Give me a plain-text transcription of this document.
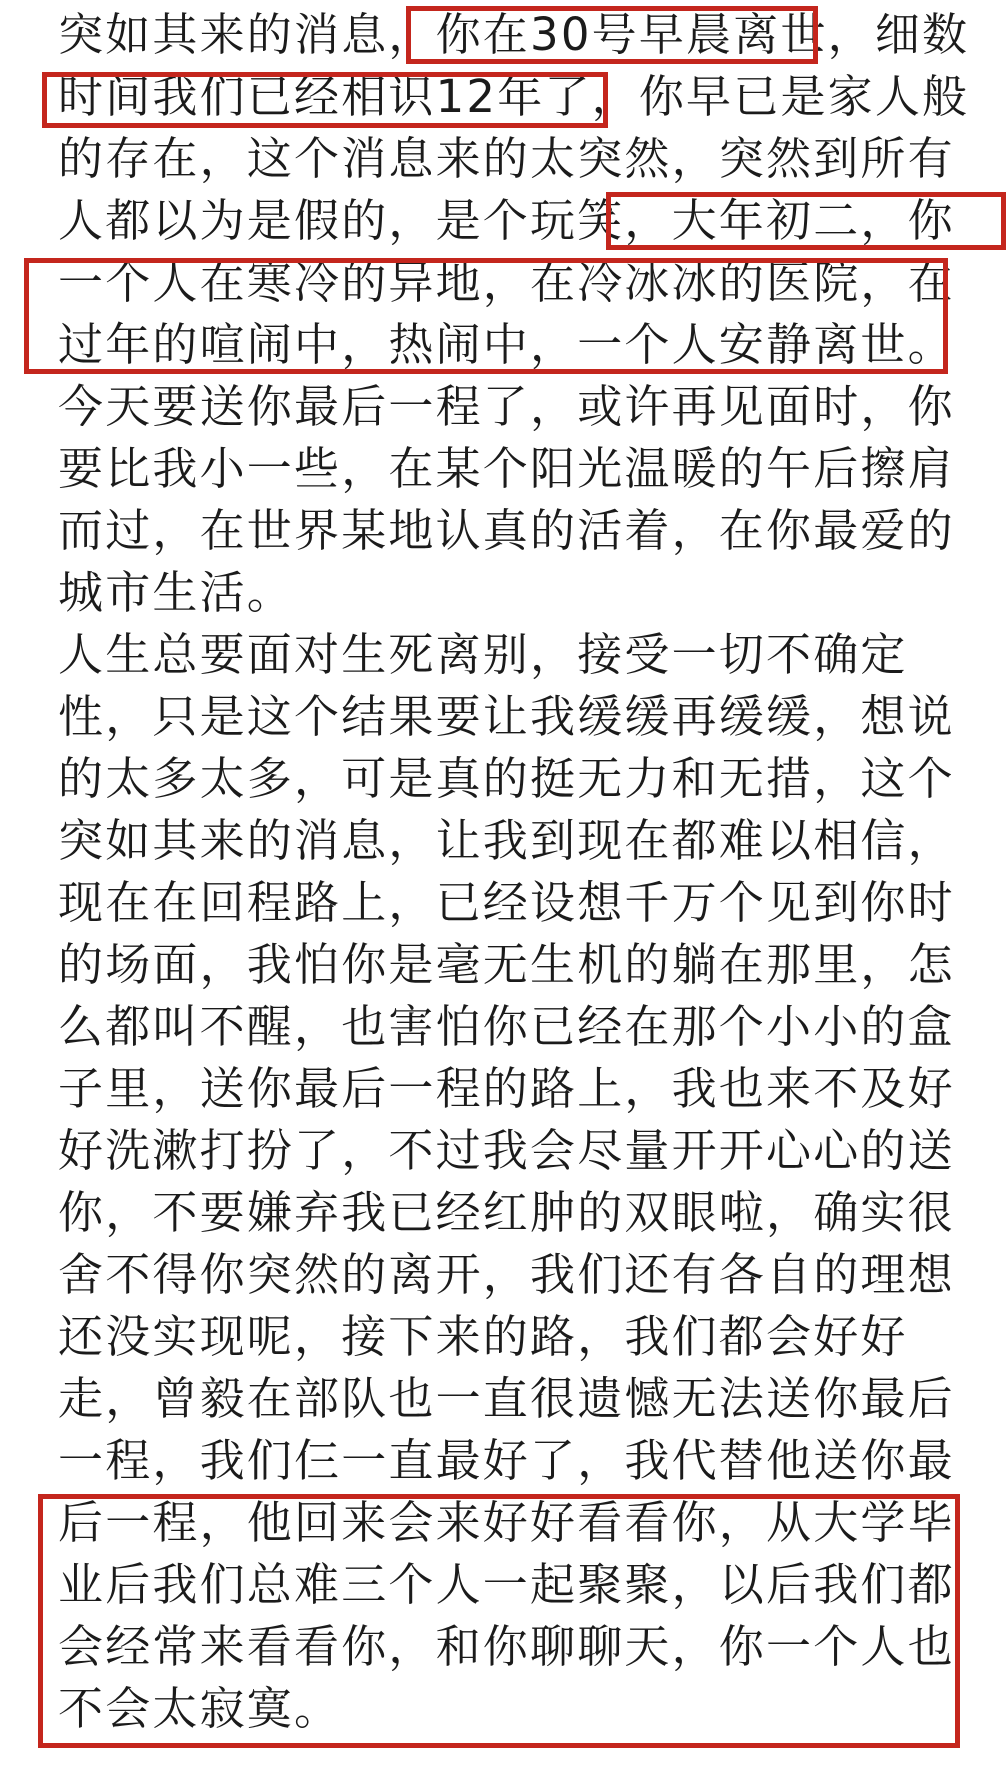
突如其来的消息，你在30号早晨离世，细数
时间我们已经相识12年了，你早已是家人般
的存在，这个消息来的太突然，突然到所有
人都以为是假的，是个玩笑，大年初二，你
一个人在寒冷的异地，在冷冰冰的医院，在
过年的喧闹中，热闹中，一个人安静离世。
今天要送你最后一程了，或许再见面时，你
要比我小一些，在某个阳光温暖的午后擦肩
而过，在世界某地认真的活着，在你最爱的
城市生活。
人生总要面对生死离别，接受一切不确定
性，只是这个结果要让我缓缓再缓缓，想说
的太多太多，可是真的挺无力和无措，这个
突如其来的消息，让我到现在都难以相信，
现在在回程路上，已经设想千万个见到你时
的场面，我怕你是毫无生机的躺在那里，怎
么都叫不醒，也害怕你已经在那个小小的盒
子里，送你最后一程的路上，我也来不及好
好洗漱打扮了，不过我会尽量开开心心的送
你，不要嫌弃我已经红肿的双眼啦，确实很
舍不得你突然的离开，我们还有各自的理想
还没实现呢，接下来的路，我们都会好好
走，曾毅在部队也一直很遗憾无法送你最后
一程，我们仨一直最好了，我代替他送你最
后一程，他回来会来好好看看你，从大学毕
业后我们总难三个人一起聚聚，以后我们都
会经常来看看你，和你聊聊天，你一个人也
不会太寂寞。
